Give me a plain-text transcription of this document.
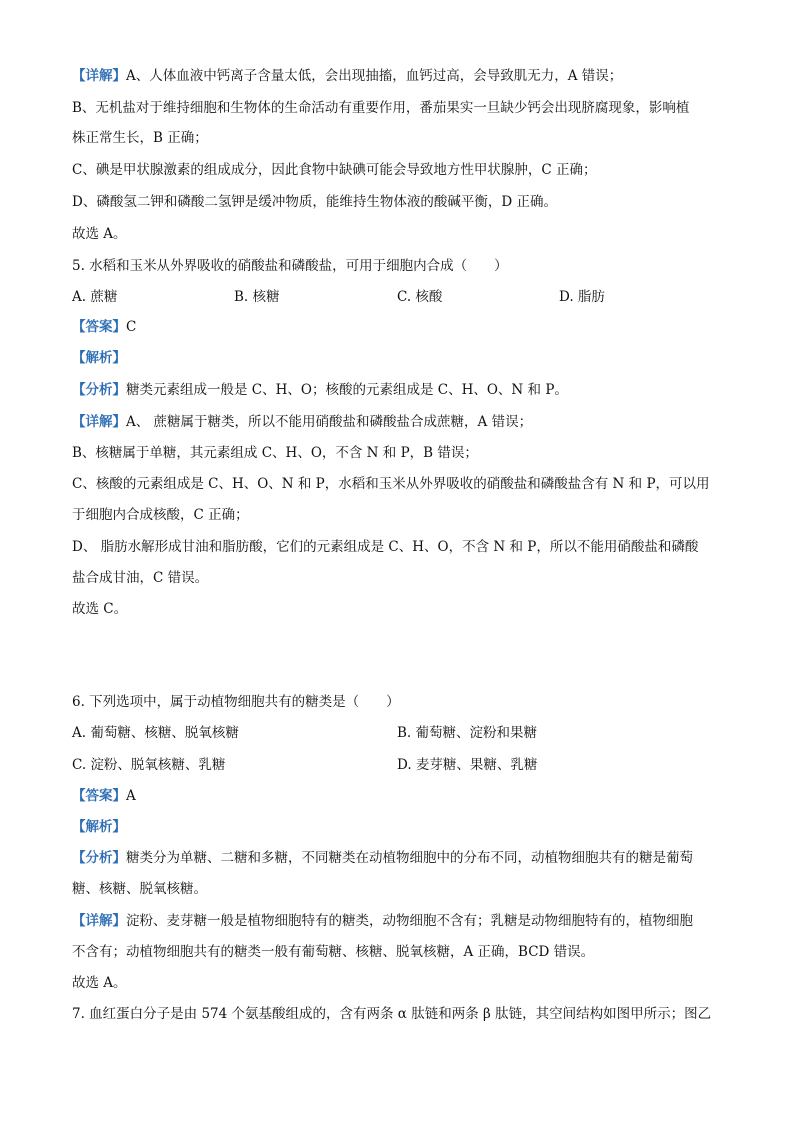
【详解】A、人体血液中钙离子含量太低，会出现抽搐，血钙过高，会导致肌无力，A 错误；
B、无机盐对于维持细胞和生物体的生命活动有重要作用，番茄果实一旦缺少钙会出现脐腐现象，影响植
株正常生长，B 正确；
C、碘是甲状腺激素的组成成分，因此食物中缺碘可能会导致地方性甲状腺肿，C 正确；
D、磷酸氢二钾和磷酸二氢钾是缓冲物质，能维持生物体液的酸碱平衡，D 正确。
故选 A。
5. 水稻和玉米从外界吸收的硝酸盐和磷酸盐，可用于细胞内合成（　　）
A. 蔗糖	B. 核糖	C. 核酸	D. 脂肪
【答案】C
【解析】
【分析】糖类元素组成一般是 C、H、O；核酸的元素组成是 C、H、O、N 和 P。
【详解】A、 蔗糖属于糖类，所以不能用硝酸盐和磷酸盐合成蔗糖，A 错误；
B、核糖属于单糖，其元素组成 C、H、O，不含 N 和 P，B 错误；
C、核酸的元素组成是 C、H、O、N 和 P，水稻和玉米从外界吸收的硝酸盐和磷酸盐含有 N 和 P，可以用
于细胞内合成核酸，C 正确；
D、 脂肪水解形成甘油和脂肪酸，它们的元素组成是 C、H、O，不含 N 和 P，所以不能用硝酸盐和磷酸
盐合成甘油，C 错误。
故选 C。
6. 下列选项中，属于动植物细胞共有的糖类是（　　）
A. 葡萄糖、核糖、脱氧核糖	B. 葡萄糖、淀粉和果糖
C. 淀粉、脱氧核糖、乳糖	D. 麦芽糖、果糖、乳糖
【答案】A
【解析】
【分析】糖类分为单糖、二糖和多糖，不同糖类在动植物细胞中的分布不同，动植物细胞共有的糖是葡萄
糖、核糖、脱氧核糖。
【详解】淀粉、麦芽糖一般是植物细胞特有的糖类，动物细胞不含有；乳糖是动物细胞特有的，植物细胞
不含有；动植物细胞共有的糖类一般有葡萄糖、核糖、脱氧核糖，A 正确，BCD 错误。
故选 A。
7. 血红蛋白分子是由 574 个氨基酸组成的，含有两条 α 肽链和两条 β 肽链，其空间结构如图甲所示；图乙
